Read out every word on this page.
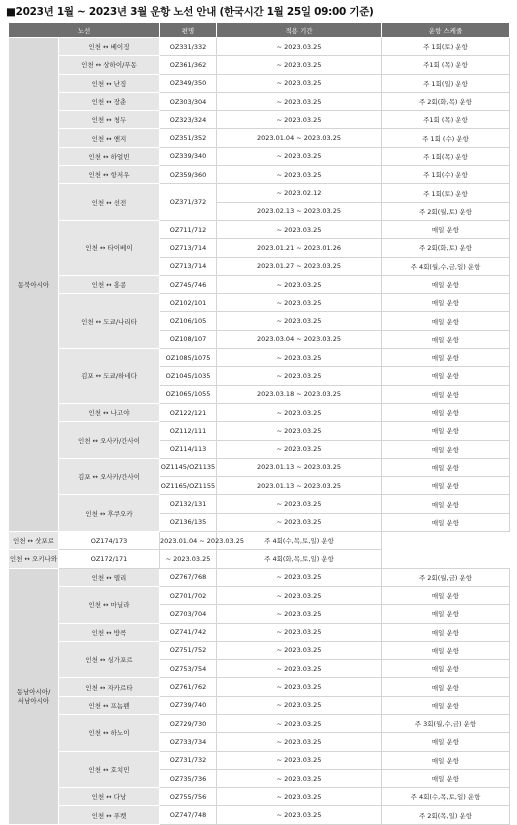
■2023년 1월 ~ 2023년 3월 운항 노선 안내 (한국시간 1월 25일 09:00 기준)
노선		편명	적용 기간	운항 스케줄
동북아시아	인천 ↔ 베이징	OZ331/332	~ 2023.03.25	주 1회(토) 운항
	인천 ↔ 상하이/푸동	OZ361/362	~ 2023.03.25	주1회 (목) 운항
	인천 ↔ 난징	OZ349/350	~ 2023.03.25	주 1회(일) 운항
	인천 ↔ 장춘	OZ303/304	~ 2023.03.25	주 2회(화,목) 운항
	인천 ↔ 청두	OZ323/324	~ 2023.03.25	주1회 (목) 운항
	인천 ↔ 옌지	OZ351/352	2023.01.04 ~ 2023.03.25	주 1회 (수) 운항
	인천 ↔ 하얼빈	OZ339/340	~ 2023.03.25	주 1회(목) 운항
	인천 ↔ 항저우	OZ359/360	~ 2023.03.25	주 1회(수) 운항
	인천 ↔ 선전	OZ371/372	~ 2023.02.12	주 1회(토) 운항
			2023.02.13 ~ 2023.03.25	주 2회(월,토) 운항
	인천 ↔ 타이베이	OZ711/712	~ 2023.03.25	매일 운항
		OZ713/714	2023.01.21 ~ 2023.01.26	주 2회(화,토) 운항
		OZ713/714	2023.01.27 ~ 2023.03.25	주 4회(월,수,금,일) 운항
	인천 ↔ 홍콩	OZ745/746	~ 2023.03.25	매일 운항
	인천 ↔ 도쿄/나리타	OZ102/101	~ 2023.03.25	매일 운항
		OZ106/105	~ 2023.03.25	매일 운항
		OZ108/107	2023.03.04 ~ 2023.03.25	매일 운항
	김포 ↔ 도쿄/하네다	OZ1085/1075	~ 2023.03.25	매일 운항
		OZ1045/1035	~ 2023.03.25	매일 운항
		OZ1065/1055	2023.03.18 ~ 2023.03.25	매일 운항
	인천 ↔ 나고야	OZ122/121	~ 2023.03.25	매일 운항
	인천 ↔ 오사카/간사이	OZ112/111	~ 2023.03.25	매일 운항
		OZ114/113	~ 2023.03.25	매일 운항
	김포 ↔ 오사카/간사이	OZ1145/OZ1135	2023.01.13 ~ 2023.03.25	매일 운항
		OZ1165/OZ1155	2023.01.13 ~ 2023.03.25	매일 운항
	인천 ↔ 후쿠오카	OZ132/131	~ 2023.03.25	매일 운항
		OZ136/135	~ 2023.03.25	매일 운항
인천 ↔ 삿포로	OZ174/173	2023.01.04 ~ 2023.03.25	주 4회(수,목,토,일) 운항	
인천 ↔ 오키나와	OZ172/171	~ 2023.03.25	주 4회(화,목,토,일) 운항	
동남아시아/
서남아시아	인천 ↔ 델리	OZ767/768	~ 2023.03.25	주 2회(월,금) 운항
	인천 ↔ 마닐라	OZ701/702	~ 2023.03.25	매일 운항
		OZ703/704	~ 2023.03.25	매일 운항
	인천 ↔ 방콕	OZ741/742	~ 2023.03.25	매일 운항
	인천 ↔ 싱가포르	OZ751/752	~ 2023.03.25	매일 운항
		OZ753/754	~ 2023.03.25	매일 운항
	인천 ↔ 자카르타	OZ761/762	~ 2023.03.25	매일 운항
	인천 ↔ 프놈펜	OZ739/740	~ 2023.03.25	매일 운항
	인천 ↔ 하노이	OZ729/730	~ 2023.03.25	주 3회(월,수,금) 운항
		OZ733/734	~ 2023.03.25	매일 운항
	인천 ↔ 호치민	OZ731/732	~ 2023.03.25	매일 운항
		OZ735/736	~ 2023.03.25	매일 운항
	인천 ↔ 다낭	OZ755/756	~ 2023.03.25	주 4회(수,목,토,일) 운항
	인천 ↔ 푸켓	OZ747/748	~ 2023.03.25	주 2회(목,일) 운항
